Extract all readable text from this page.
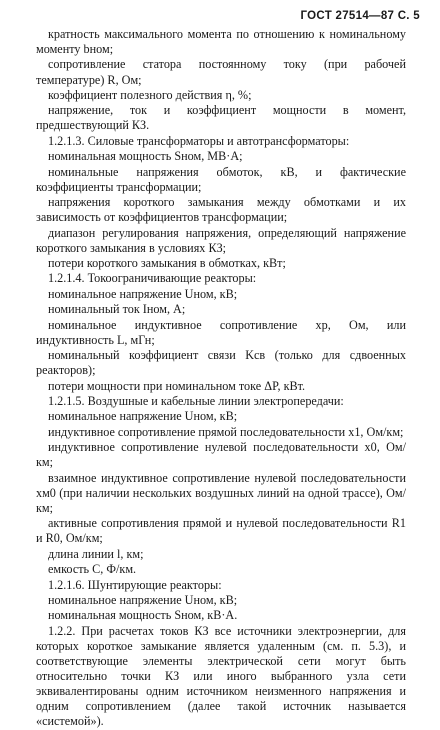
ГОСТ 27514—87 С. 5

кратность максимального момента по отношению к номинальному моменту bном;

сопротивление статора постоянному току (при рабочей температуре) R, Ом;

коэффициент полезного действия η, %;

напряжение, ток и коэффициент мощности в момент, предшествующий КЗ.

1.2.1.3. Силовые трансформаторы и автотрансформаторы:

номинальная мощность Sном, МВ·А;

номинальные напряжения обмоток, кВ, и фактические коэффициенты трансформации;

напряжения короткого замыкания между обмотками и их зависимость от коэффициентов трансформации;

диапазон регулирования напряжения, определяющий напряжение короткого замыкания в условиях КЗ;

потери короткого замыкания в обмотках, кВт;

1.2.1.4. Токоограничивающие реакторы:

номинальное напряжение Uном, кВ;

номинальный ток Iном, А;

номинальное индуктивное сопротивление xр, Ом, или индуктивность L, мГн;

номинальный коэффициент связи Kсв (только для сдвоенных реакторов);

потери мощности при номинальном токе ΔP, кВт.

1.2.1.5. Воздушные и кабельные линии электропередачи:

номинальное напряжение Uном, кВ;

индуктивное сопротивление прямой последовательности x1, Ом/км;

индуктивное сопротивление нулевой последовательности x0, Ом/км;

взаимное индуктивное сопротивление нулевой последовательности xм0 (при наличии нескольких воздушных линий на одной трассе), Ом/км;

активные сопротивления прямой и нулевой последовательности R1 и R0, Ом/км;

длина линии l, км;

емкость C, Ф/км.

1.2.1.6. Шунтирующие реакторы:

номинальное напряжение Uном, кВ;

номинальная мощность Sном, кВ·А.

1.2.2. При расчетах токов КЗ все источники электроэнергии, для которых короткое замыкание является удаленным (см. п. 5.3), и соответствующие элементы электрической сети могут быть относительно точки КЗ или иного выбранного узла сети эквивалентированы одним источником неизменного напряжения и одним сопротивлением (далее такой источник называется «системой»).
